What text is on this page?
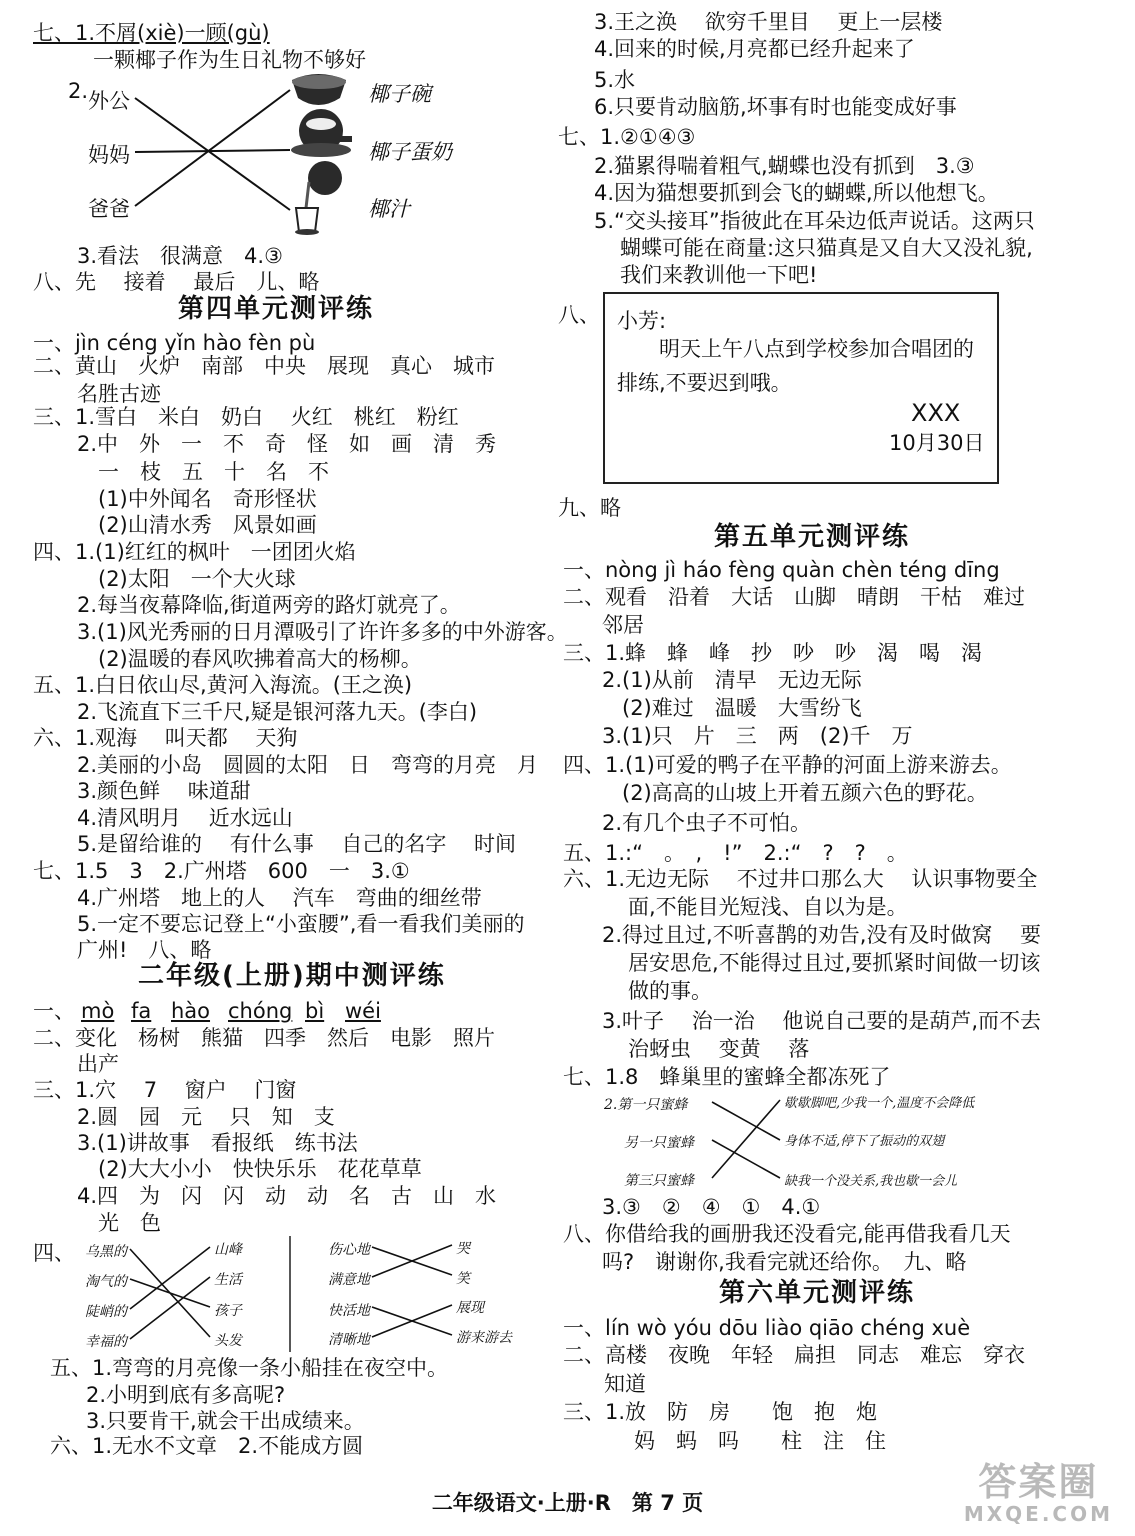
七、1.不屑(xiè)一顾(gù)
一颗椰子作为生日礼物不够好
2. 外公
妈妈
爸爸
椰子碗
椰子蛋奶
椰汁
3.看法　很满意　4.③
八、先　 接着　 最后　儿、略
第四单元测评练
一、jìn céng yǐn hào fèn pù
二、黄山　火炉　南部　中央　展现　真心　城市
名胜古迹
三、1.雪白　米白　奶白　 火红　桃红　粉红
2.中　外　一　不　奇　怪　如　画　清　秀
一　枝　五　十　名　不
(1)中外闻名　奇形怪状
(2)山清水秀　风景如画
四、1.(1)红红的枫叶　一团团火焰
(2)太阳　一个大火球
2.每当夜幕降临,街道两旁的路灯就亮了。
3.(1)风光秀丽的日月潭吸引了许许多多的中外游客。
(2)温暖的春风吹拂着高大的杨柳。
五、1.白日依山尽,黄河入海流。(王之涣)
2.飞流直下三千尺,疑是银河落九天。(李白)
六、1.观海　 叫天都　 天狗
2.美丽的小岛　圆圆的太阳　日　弯弯的月亮　月
3.颜色鲜　 味道甜
4.清风明月　 近水远山
5.是留给谁的　 有什么事　 自己的名字　 时间
七、1.5　3　2.广州塔　600　一　3.①
4.广州塔　地上的人　 汽车　弯曲的细丝带
5.一定不要忘记登上“小蛮腰”,看一看我们美丽的
广州!　八、略
二年级(上册)期中测评练
一、 mò fa hào chóng bì wéi
二、变化　杨树　熊猫　四季　然后　电影　照片
出产
三、1.穴　 7　 窗户　 门窗
2.圆　园　元　 只　知　支
3.(1)讲故事　看报纸　练书法
(2)大大小小　快快乐乐　花花草草
4.四　为　闪　闪　动　动　名　古　山　水
光　色
四、 乌黑的
淘气的
陡峭的
幸福的
山峰
生活
孩子
头发
伤心地
满意地
快活地
清晰地
哭
笑
展现
游来游去
五、1.弯弯的月亮像一条小船挂在夜空中。
2.小明到底有多高呢?
3.只要肯干,就会干出成绩来。
六、1.无水不文章　2.不能成方圆
3.王之涣　 欲穷千里目　 更上一层楼
4.回来的时候,月亮都已经升起来了
5.水
6.只要肯动脑筋,坏事有时也能变成好事
七、1.②①④③
2.猫累得喘着粗气,蝴蝶也没有抓到　3.③
4.因为猫想要抓到会飞的蝴蝶,所以他想飞。
5.“交头接耳”指彼此在耳朵边低声说话。这两只
蝴蝶可能在商量:这只猫真是又自大又没礼貌,
我们来教训他一下吧!
八、 小芳:
明天上午八点到学校参加合唱团的
排练,不要迟到哦。
XXX
10月30日
九、略
第五单元测评练
一、nòng jì háo fèng quàn chèn téng dīng
二、观看　沿着　大话　山脚　晴朗　干枯　难过
邻居
三、1.蜂　蜂　峰　抄　吵　吵　渴　喝　渴
2.(1)从前　清早　无边无际
(2)难过　温暖　大雪纷飞
3.(1)只　片　三　两　(2)千　万
四、1.(1)可爱的鸭子在平静的河面上游来游去。
(2)高高的山坡上开着五颜六色的野花。
2.有几个虫子不可怕。
五、1.:“　。　,　!”　2.:“　?　?　。
六、1.无边无际　 不过井口那么大　 认识事物要全
面,不能目光短浅、自以为是。
2.得过且过,不听喜鹊的劝告,没有及时做窝　 要
居安思危,不能得过且过,要抓紧时间做一切该
做的事。
3.叶子　 治一治　 他说自己要的是葫芦,而不去
治蚜虫　 变黄　 落
七、1.8　蜂巢里的蜜蜂全都冻死了
2.第一只蜜蜂
另一只蜜蜂
第三只蜜蜂
歇歇脚吧,少我一个,温度不会降低
身体不适,停下了振动的双翅
缺我一个没关系,我也歇一会儿
3.③　②　④　①　4.①
八、你借给我的画册我还没看完,能再借我看几天
吗?　谢谢你,我看完就还给你。　九、略
第六单元测评练
一、lín wò yóu dōu liào qiāo chéng xuè
二、高楼　夜晚　年轻　扁担　同志　难忘　穿衣
知道
三、1.放　防　房　　饱　抱　炮
妈　蚂　吗　　柱　注　住
二年级语文·上册·R　第 7 页	答案圈
MXQE.COM
